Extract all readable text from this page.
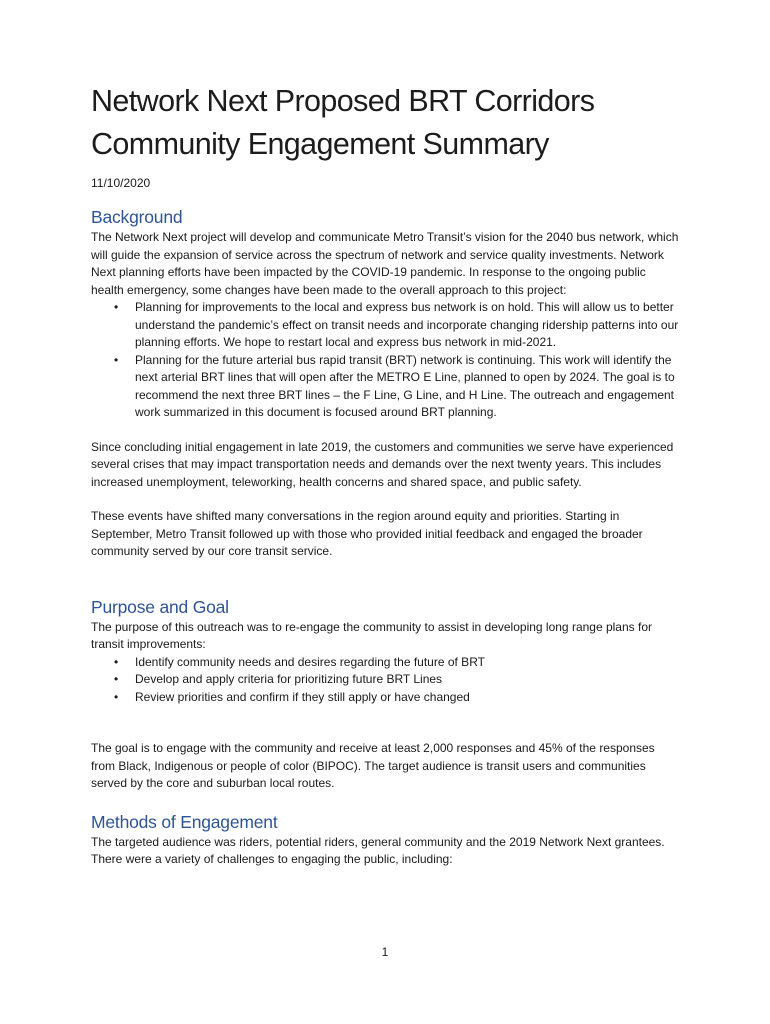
Network Next Proposed BRT Corridors
Community Engagement Summary
11/10/2020
Background

The Network Next project will develop and communicate Metro Transit’s vision for the 2040 bus network, which will guide the expansion of service across the spectrum of network and service quality investments. Network Next planning efforts have been impacted by the COVID-19 pandemic. In response to the ongoing public health emergency, some changes have been made to the overall approach to this project:

• Planning for improvements to the local and express bus network is on hold. This will allow us to better understand the pandemic’s effect on transit needs and incorporate changing ridership patterns into our planning efforts. We hope to restart local and express bus network in mid-2021.
• Planning for the future arterial bus rapid transit (BRT) network is continuing. This work will identify the next arterial BRT lines that will open after the METRO E Line, planned to open by 2024. The goal is to recommend the next three BRT lines – the F Line, G Line, and H Line. The outreach and engagement work summarized in this document is focused around BRT planning.

Since concluding initial engagement in late 2019, the customers and communities we serve have experienced several crises that may impact transportation needs and demands over the next twenty years. This includes increased unemployment, teleworking, health concerns and shared space, and public safety.

These events have shifted many conversations in the region around equity and priorities. Starting in September, Metro Transit followed up with those who provided initial feedback and engaged the broader community served by our core transit service.

Purpose and Goal

The purpose of this outreach was to re-engage the community to assist in developing long range plans for transit improvements:

• Identify community needs and desires regarding the future of BRT
• Develop and apply criteria for prioritizing future BRT Lines
• Review priorities and confirm if they still apply or have changed

The goal is to engage with the community and receive at least 2,000 responses and 45% of the responses from Black, Indigenous or people of color (BIPOC). The target audience is transit users and communities served by the core and suburban local routes.

Methods of Engagement

The targeted audience was riders, potential riders, general community and the 2019 Network Next grantees. There were a variety of challenges to engaging the public, including:

1
